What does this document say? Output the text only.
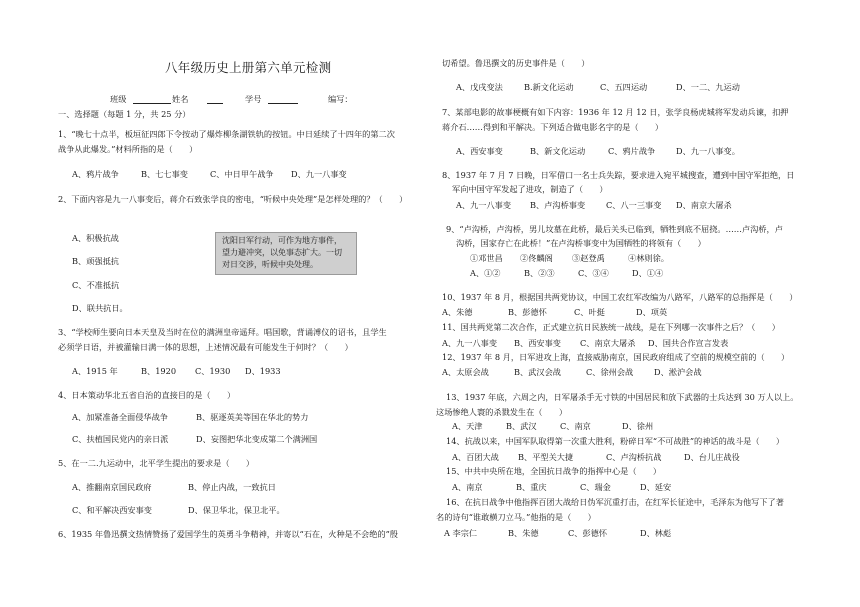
八年级历史上册第六单元检测
班级	姓名	学号	编写：
一、选择题（每题 1 分，共 25 分）
1、“晚七十点半，板垣征四郎下令按动了爆炸柳条湖铁轨的按钮。中日延续了十四年的第二次
战争从此爆发。”材料所指的是（　　）
A、鸦片战争	B、七七事变	C、中日甲午战争 D、九一八事变
2、下面内容是九一八事变后，蒋介石致张学良的密电，“听候中央处理”是怎样处理的？（　　）
A、积极抗战
B、顽强抵抗
C、不准抵抗
D、联共抗日。
沈阳日军行动，可作为地方事件，
望力避冲突，以免事态扩大。一切
对日交涉，听候中央处理。
3、“学校师生要向日本天皇及当时在位的满洲皇帝遥拜。唱国歌，背诵溥仪的诏书，且学生
必须学日语，并被灌输日满一体的思想，上述情况最有可能发生于何时？（　　）
A、1915 年	B、1920 C、1930 D、1933
4、日本策动华北五省自治的直接目的是（　　）
A、加紧准备全面侵华战争	B、驱逐英美等国在华北的势力
C、扶植国民党内的亲日派	D、妄图把华北变成第二个满洲国
5、在一二.九运动中，北平学生提出的要求是（　　）
A、推翻南京国民政府	B、停止内战，一致抗日
C、和平解决西安事变	D、保卫华北，保卫北平。
6、1935 年鲁迅撰文热情赞扬了爱国学生的英勇斗争精神，并寄以“石在，火种是不会绝的”殷
切希望。鲁迅撰文的历史事件是（　　）
A、戊戌变法	B.新文化运动	C、五四运动	D、一二、九运动
7、某部电影的故事梗概有如下内容：1936 年 12 月 12 日，张学良杨虎城将军发动兵谏，扣押
蒋介石……得到和平解决。下列适合做电影名字的是（　　）
A、西安事变	B、新文化运动	C、鸦片战争	D、九一八事变。
8、1937 年 7 月 7 日晚，日军借口一名士兵失踪，要求进入宛平城搜查，遭到中国守军拒绝，日
军向中国守军发起了进攻，制造了（　　）
A、九一八事变 B、卢沟桥事变	C、八一三事变 D、南京大屠杀
9、“卢沟桥，卢沟桥，男儿坟墓在此桥，最后关头已临到，牺牲到底不屈挠。……卢沟桥，卢
沟桥，国家存亡在此桥！”在卢沟桥事变中为国牺牲的将领有（　　）
①邓世昌 ②佟麟阁 ③赵登禹	④林则徐。
A、①②	B、②③	C、③④	D、①④
10、1937 年 8 月，根据国共两党协议，中国工农红军改编为八路军，八路军的总指挥是（　　）
A、朱德	B、彭德怀	C、叶挺	D、项英
11、国共两党第二次合作，正式建立抗日民族统一战线，是在下列哪一次事件之后？（　　）
A、九一八事变 B、西安事变 C、南京大屠杀 D、国共合作宣言发表
12、1937 年 8 月，日军进攻上海，直接威胁南京，国民政府组成了空前的规模空前的（　　）
A、太原会战	B、武汉会战	C、徐州会战	D、淞沪会战
13、1937 年底，六周之内，日军屠杀手无寸铁的中国居民和放下武器的士兵达到 30 万人以上。
这场惨绝人寰的杀戮发生在（　　）
A、天津	B、武汉	C、南京	D、徐州
14、抗战以来，中国军队取得第一次重大胜利，粉碎日军“不可战胜”的神话的战斗是（　　）
A、百团大战 B、平型关大捷	C、卢沟桥抗战	D、台儿庄战役
15、中共中央所在地，全国抗日战争的指挥中心是（　　）
A、南京	B、重庆	C、瑞金	D、延安
16、在抗日战争中他指挥百团大战给日伪军沉重打击，在红军长征途中，毛泽东为他写下了著
名的诗句“谁敢横刀立马。”他指的是（　　）
A 李宗仁	B、朱德	C、彭德怀	D、林彪
